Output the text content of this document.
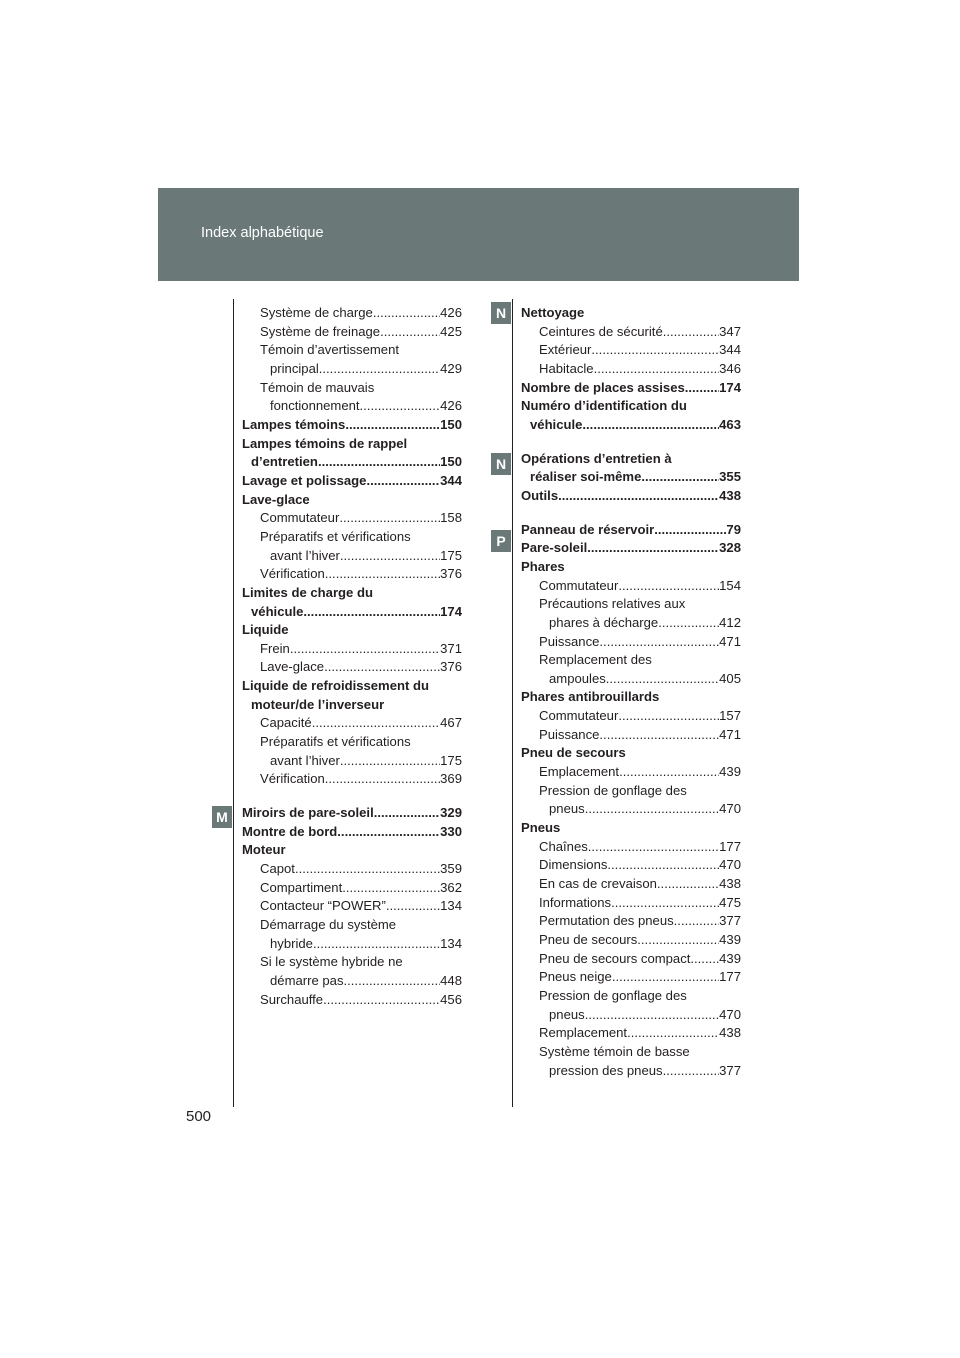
Index alphabétique
M
N
N
P
Système de charge .....	426
Système de freinage .....	425
Témoin d’avertissement
principal .....	429
Témoin de mauvais
fonctionnement .....	426
Lampes témoins .....	150
Lampes témoins de rappel
d’entretien .....	150
Lavage et polissage .....	344
Lave-glace
Commutateur .....	158
Préparatifs et vérifications
avant l’hiver .....	175
Vérification .....	376
Limites de charge du
véhicule .....	174
Liquide
Frein .....	371
Lave-glace .....	376
Liquide de refroidissement du
moteur/de l’inverseur
Capacité .....	467
Préparatifs et vérifications
avant l’hiver .....	175
Vérification .....	369
Miroirs de pare-soleil .....	329
Montre de bord .....	330
Moteur
Capot .....	359
Compartiment .....	362
Contacteur “POWER” .....	134
Démarrage du système
hybride .....	134
Si le système hybride ne
démarre pas .....	448
Surchauffe .....	456
Nettoyage
Ceintures de sécurité .....	347
Extérieur .....	344
Habitacle .....	346
Nombre de places assises .....	174
Numéro d’identification du
véhicule .....	463
Opérations d’entretien à
réaliser soi-même .....	355
Outils .....	438
Panneau de réservoir .....	79
Pare-soleil .....	328
Phares
Commutateur .....	154
Précautions relatives aux
phares à décharge .....	412
Puissance .....	471
Remplacement des
ampoules .....	405
Phares antibrouillards
Commutateur .....	157
Puissance .....	471
Pneu de secours
Emplacement .....	439
Pression de gonflage des
pneus .....	470
Pneus
Chaînes .....	177
Dimensions .....	470
En cas de crevaison .....	438
Informations .....	475
Permutation des pneus .....	377
Pneu de secours .....	439
Pneu de secours compact ..... 439
Pneus neige .....	177
Pression de gonflage des
pneus .....	470
Remplacement .....	438
Système témoin de basse
pression des pneus .....	377
500
